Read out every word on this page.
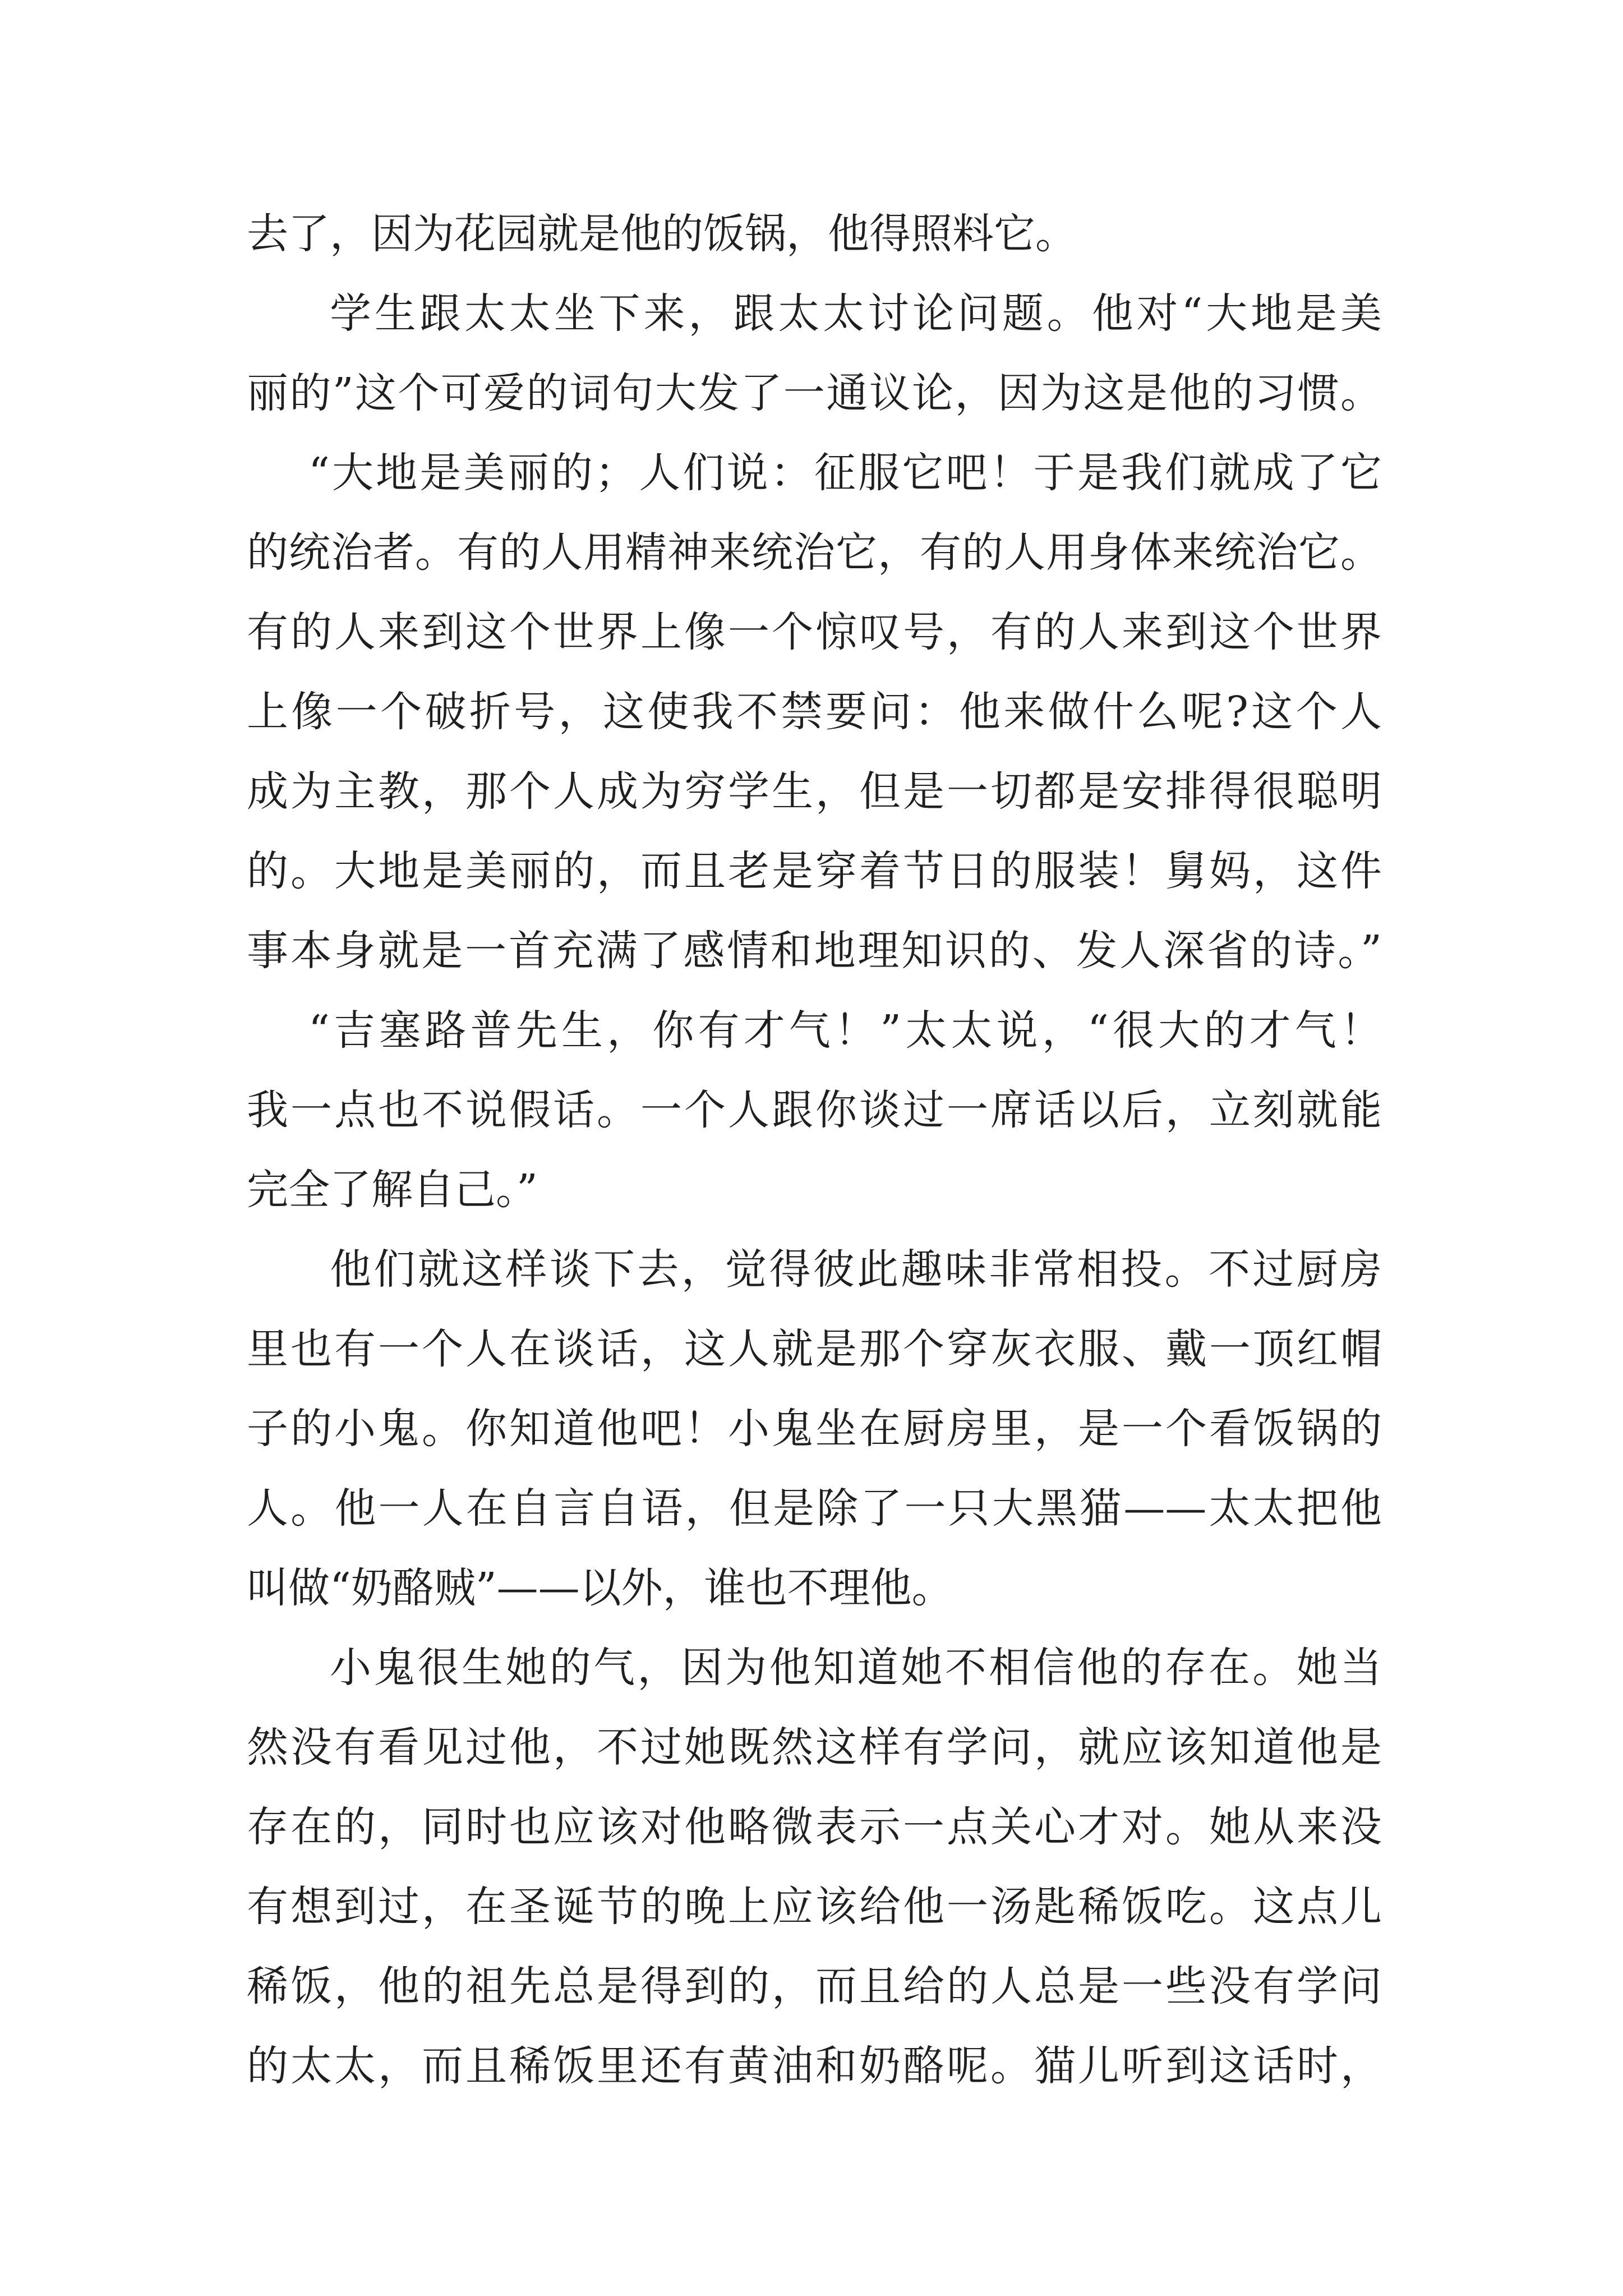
去了，因为花园就是他的饭锅，他得照料它。
学生跟太太坐下来，跟太太讨论问题。他对“大地是美
丽的”这个可爱的词句大发了一通议论，因为这是他的习惯。
“大地是美丽的；人们说：征服它吧！于是我们就成了它
的统治者。有的人用精神来统治它，有的人用身体来统治它。
有的人来到这个世界上像一个惊叹号，有的人来到这个世界
上像一个破折号，这使我不禁要问：他来做什么呢?这个人
成为主教，那个人成为穷学生，但是一切都是安排得很聪明
的。大地是美丽的，而且老是穿着节日的服装！舅妈，这件
事本身就是一首充满了感情和地理知识的、发人深省的诗。”
“吉塞路普先生，你有才气！”太太说，“很大的才气！
我一点也不说假话。一个人跟你谈过一席话以后，立刻就能
完全了解自己。”
他们就这样谈下去，觉得彼此趣味非常相投。不过厨房
里也有一个人在谈话，这人就是那个穿灰衣服、戴一顶红帽
子的小鬼。你知道他吧！小鬼坐在厨房里，是一个看饭锅的
人。他一人在自言自语，但是除了一只大黑猫——太太把他
叫做“奶酪贼”——以外，谁也不理他。
小鬼很生她的气，因为他知道她不相信他的存在。她当
然没有看见过他，不过她既然这样有学问，就应该知道他是
存在的，同时也应该对他略微表示一点关心才对。她从来没
有想到过，在圣诞节的晚上应该给他一汤匙稀饭吃。这点儿
稀饭，他的祖先总是得到的，而且给的人总是一些没有学问
的太太，而且稀饭里还有黄油和奶酪呢。猫儿听到这话时，
